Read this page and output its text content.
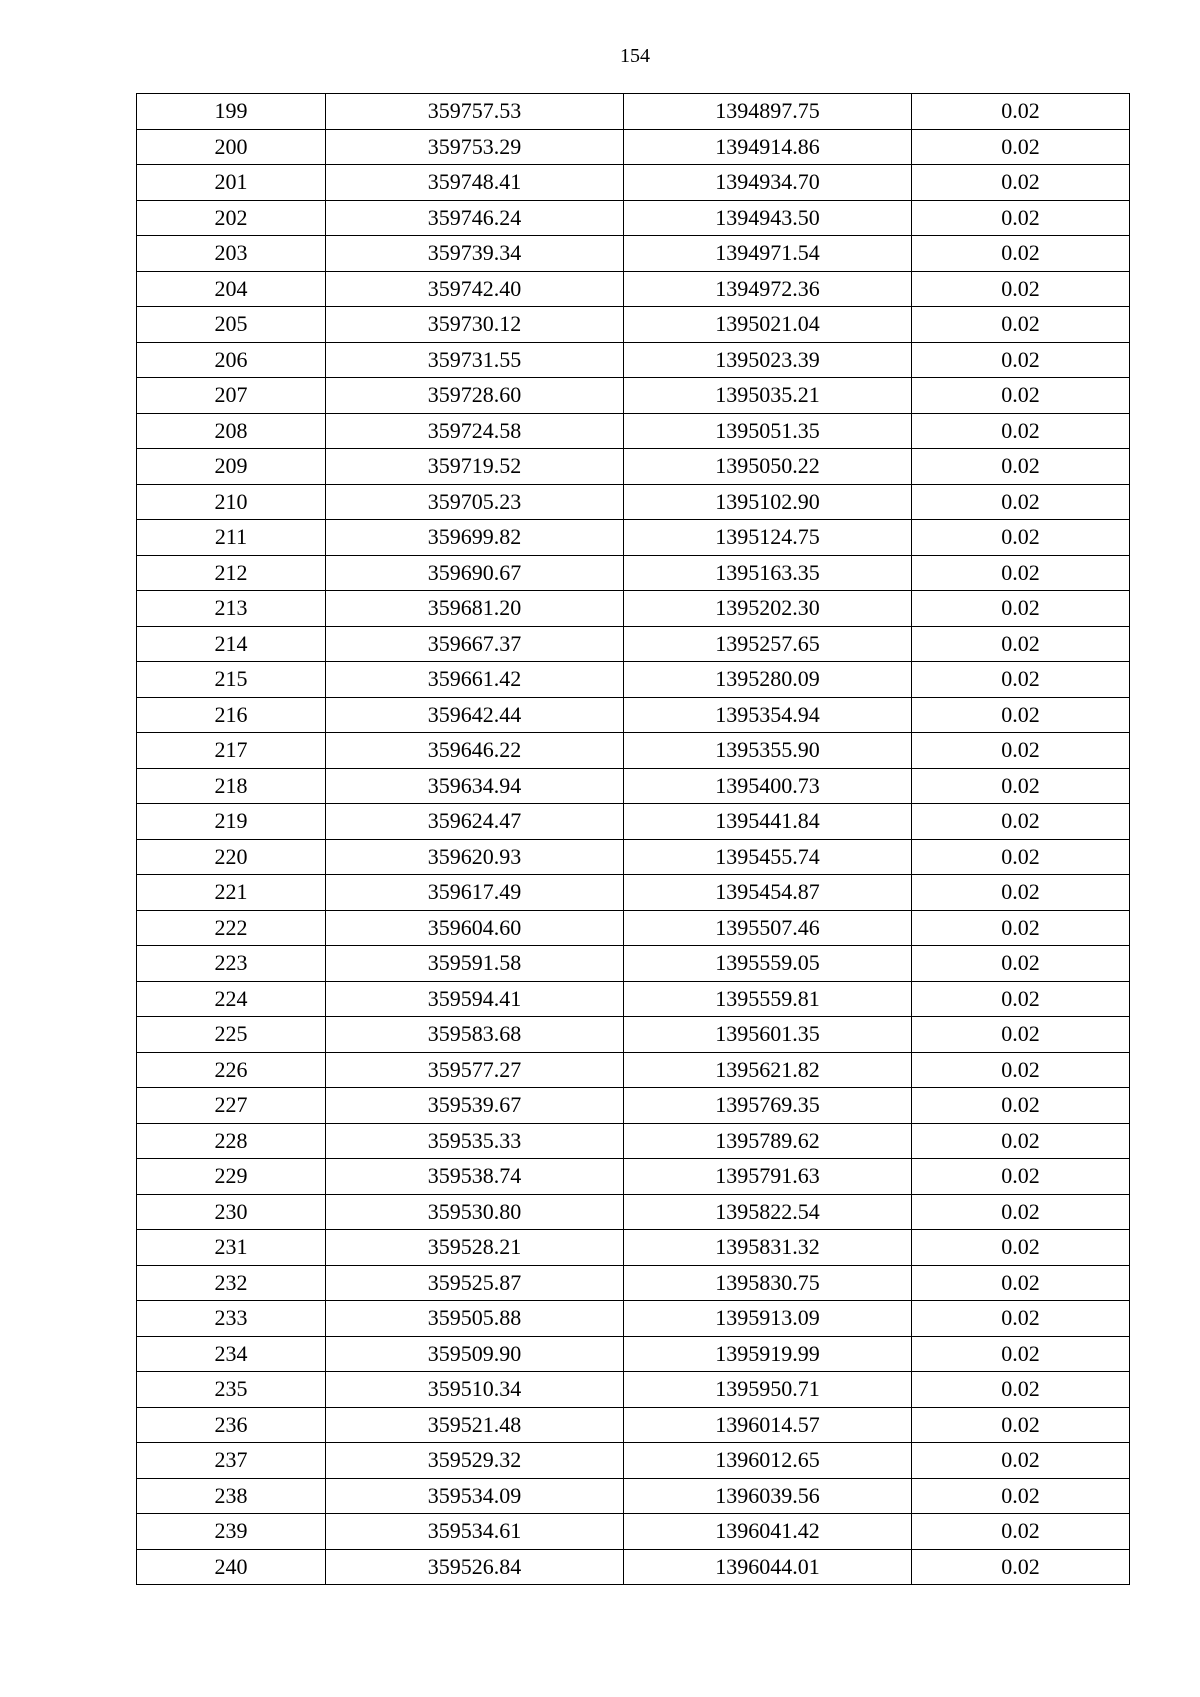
154
199	359757.53	1394897.75	0.02
200	359753.29	1394914.86	0.02
201	359748.41	1394934.70	0.02
202	359746.24	1394943.50	0.02
203	359739.34	1394971.54	0.02
204	359742.40	1394972.36	0.02
205	359730.12	1395021.04	0.02
206	359731.55	1395023.39	0.02
207	359728.60	1395035.21	0.02
208	359724.58	1395051.35	0.02
209	359719.52	1395050.22	0.02
210	359705.23	1395102.90	0.02
211	359699.82	1395124.75	0.02
212	359690.67	1395163.35	0.02
213	359681.20	1395202.30	0.02
214	359667.37	1395257.65	0.02
215	359661.42	1395280.09	0.02
216	359642.44	1395354.94	0.02
217	359646.22	1395355.90	0.02
218	359634.94	1395400.73	0.02
219	359624.47	1395441.84	0.02
220	359620.93	1395455.74	0.02
221	359617.49	1395454.87	0.02
222	359604.60	1395507.46	0.02
223	359591.58	1395559.05	0.02
224	359594.41	1395559.81	0.02
225	359583.68	1395601.35	0.02
226	359577.27	1395621.82	0.02
227	359539.67	1395769.35	0.02
228	359535.33	1395789.62	0.02
229	359538.74	1395791.63	0.02
230	359530.80	1395822.54	0.02
231	359528.21	1395831.32	0.02
232	359525.87	1395830.75	0.02
233	359505.88	1395913.09	0.02
234	359509.90	1395919.99	0.02
235	359510.34	1395950.71	0.02
236	359521.48	1396014.57	0.02
237	359529.32	1396012.65	0.02
238	359534.09	1396039.56	0.02
239	359534.61	1396041.42	0.02
240	359526.84	1396044.01	0.02
